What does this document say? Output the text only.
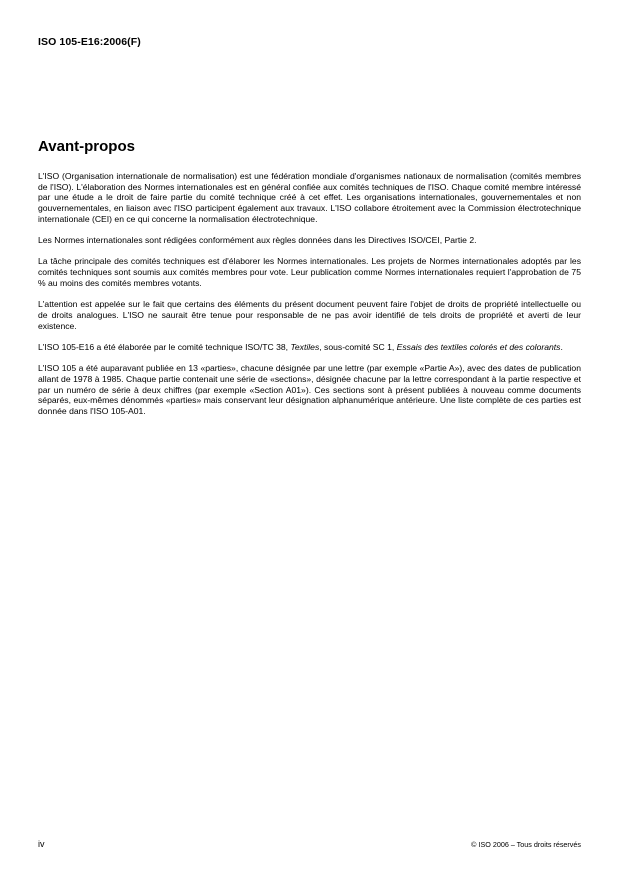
ISO 105-E16:2006(F)
Avant-propos

L'ISO (Organisation internationale de normalisation) est une fédération mondiale d'organismes nationaux de normalisation (comités membres de l'ISO). L'élaboration des Normes internationales est en général confiée aux comités techniques de l'ISO. Chaque comité membre intéressé par une étude a le droit de faire partie du comité technique créé à cet effet. Les organisations internationales, gouvernementales et non gouvernementales, en liaison avec l'ISO participent également aux travaux. L'ISO collabore étroitement avec la Commission électrotechnique internationale (CEI) en ce qui concerne la normalisation électrotechnique.

Les Normes internationales sont rédigées conformément aux règles données dans les Directives ISO/CEI, Partie 2.

La tâche principale des comités techniques est d'élaborer les Normes internationales. Les projets de Normes internationales adoptés par les comités techniques sont soumis aux comités membres pour vote. Leur publication comme Normes internationales requiert l'approbation de 75 % au moins des comités membres votants.

L'attention est appelée sur le fait que certains des éléments du présent document peuvent faire l'objet de droits de propriété intellectuelle ou de droits analogues. L'ISO ne saurait être tenue pour responsable de ne pas avoir identifié de tels droits de propriété et averti de leur existence.

L'ISO 105-E16 a été élaborée par le comité technique ISO/TC 38, Textiles, sous-comité SC 1, Essais des textiles colorés et des colorants.

L'ISO 105 a été auparavant publiée en 13 «parties», chacune désignée par une lettre (par exemple «Partie A»), avec des dates de publication allant de 1978 à 1985. Chaque partie contenait une série de «sections», désignée chacune par la lettre correspondant à la partie respective et par un numéro de série à deux chiffres (par exemple «Section A01»). Ces sections sont à présent publiées à nouveau comme documents séparés, eux-mêmes dénommés «parties» mais conservant leur désignation alphanumérique antérieure. Une liste complète de ces parties est donnée dans l'ISO 105-A01.

iv	© ISO 2006 – Tous droits réservés
